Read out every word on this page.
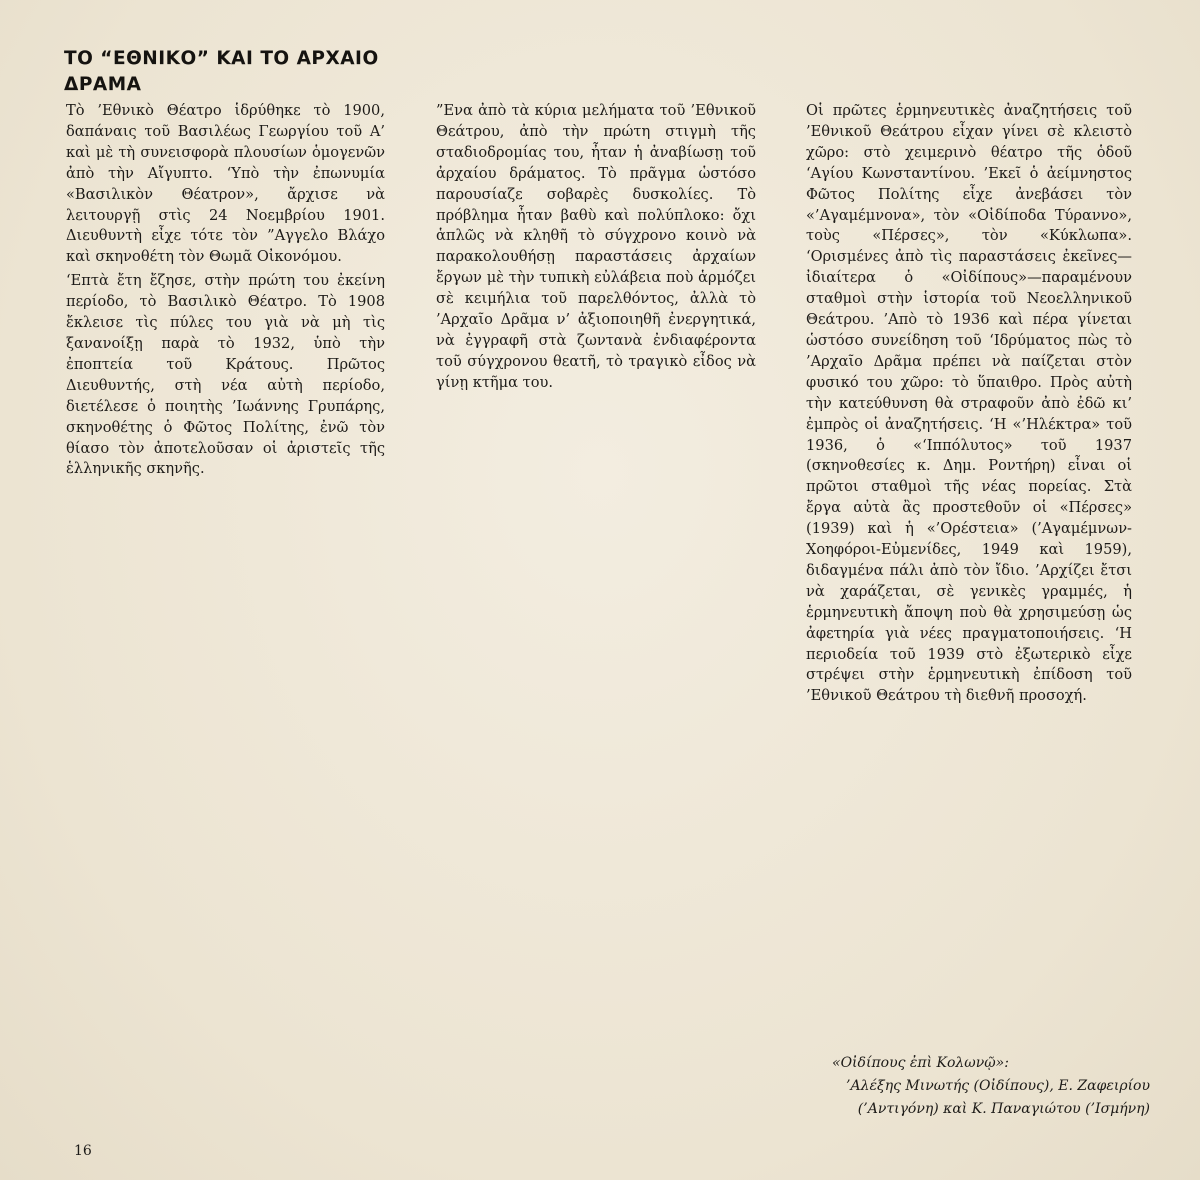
ΤΟ “ΕΘΝΙΚΟ” ΚΑΙ ΤΟ ΑΡΧΑΙΟ
ΔΡΑΜΑ

Τὸ ’Εθνικὸ Θέατρο ἱδρύθηκε τὸ 1900, δαπάναις τοῦ Βασιλέως Γεωργίου τοῦ Α’ καὶ μὲ τὴ συνεισφορὰ πλουσίων ὁμογενῶν ἀπὸ τὴν Αἴγυπτο. ‘Υπὸ τὴν ἐπωνυμία «Βασιλικὸν Θέατρον», ἄρχισε νὰ λειτουργῇ στὶς 24 Νοεμβρίου 1901. Διευθυντὴ εἶχε τότε τὸν ”Αγγελο Βλάχο καὶ σκηνοθέτη τὸν Θωμᾶ Οἰκονόμου.

‘Επτὰ ἔτη ἔζησε, στὴν πρώτη του ἐκείνη περίοδο, τὸ Βασιλικὸ Θέατρο. Τὸ 1908 ἔκλεισε τὶς πύλες του γιὰ νὰ μὴ τὶς ξανανοίξῃ παρὰ τὸ 1932, ὑπὸ τὴν ἐποπτεία τοῦ Κράτους. Πρῶτος Διευθυντής, στὴ νέα αὐτὴ περίοδο, διετέλεσε ὁ ποιητὴς ’Ιωάννης Γρυπάρης, σκηνοθέτης ὁ Φῶτος Πολίτης, ἐνῶ τὸν θίασο τὸν ἀποτελοῦσαν οἱ ἀριστεῖς τῆς ἑλληνικῆς σκηνῆς.

”Ενα ἀπὸ τὰ κύρια μελήματα τοῦ ’Εθνικοῦ Θεάτρου, ἀπὸ τὴν πρώτη στιγμὴ τῆς σταδιοδρομίας του, ἦταν ἡ ἀναβίωσῃ τοῦ ἀρχαίου δράματος. Τὸ πρᾶγμα ὡστόσο παρουσίαζε σοβαρὲς δυσκολίες. Τὸ πρόβλημα ἦταν βαθὺ καὶ πολύπλοκο: ὄχι ἁπλῶς νὰ κληθῆ τὸ σύγχρονο κοινὸ νὰ παρακολουθήσῃ παραστάσεις ἀρχαίων ἔργων μὲ τὴν τυπικὴ εὐλάβεια ποὺ ἁρμόζει σὲ κειμήλια τοῦ παρελθόντος, ἀλλὰ τὸ ’Αρχαῖο Δρᾶμα ν’ ἀξιοποιηθῆ ἐνεργητικά, νὰ ἐγγραφῆ στὰ ζωντανὰ ἐνδιαφέροντα τοῦ σύγχρονου θεατῆ, τὸ τραγικὸ εἶδος νὰ γίνῃ κτῆμα του.

Οἱ πρῶτες ἑρμηνευτικὲς ἀναζητήσεις τοῦ ’Εθνικοῦ Θεάτρου εἶχαν γίνει σὲ κλειστὸ χῶρο: στὸ χειμερινὸ θέατρο τῆς ὁδοῦ ‘Αγίου Κωνσταντίνου. ’Εκεῖ ὁ ἀείμνηστος Φῶτος Πολίτης εἶχε ἀνεβάσει τὸν «’Αγαμέμνονα», τὸν «Οἰδίποδα Τύραννο», τοὺς «Πέρσες», τὸν «Κύκλωπα». ‘Ορισμένες ἀπὸ τὶς παραστάσεις ἐκεῖνες—ἰδιαίτερα ὁ «Οἰδίπους»—παραμένουν σταθμοὶ στὴν ἱστορία τοῦ Νεοελληνικοῦ Θεάτρου. ’Απὸ τὸ 1936 καὶ πέρα γίνεται ὡστόσο συνείδηση τοῦ ‘Ιδρύματος πὼς τὸ ’Αρχαῖο Δρᾶμα πρέπει νὰ παίζεται στὸν φυσικό του χῶρο: τὸ ὕπαιθρο. Πρὸς αὐτὴ τὴν κατεύθυνση θὰ στραφοῦν ἀπὸ ἐδῶ κι’ ἐμπρὸς οἱ ἀναζητήσεις. ‘Η «’Ηλέκτρα» τοῦ 1936, ὁ «‘Ιππόλυτος» τοῦ 1937 (σκηνοθεσίες κ. Δημ. Ροντήρη) εἶναι οἱ πρῶτοι σταθμοὶ τῆς νέας πορείας. Στὰ ἔργα αὐτὰ ἂς προστεθοῦν οἱ «Πέρσες» (1939) καὶ ἡ «’Ορέστεια» (’Αγαμέμνων-Χοηφόροι-Εὐμενίδες, 1949 καὶ 1959), διδαγμένα πάλι ἀπὸ τὸν ἴδιο. ’Αρχίζει ἔτσι νὰ χαράζεται, σὲ γενικὲς γραμμές, ἡ ἑρμηνευτικὴ ἄποψη ποὺ θὰ χρησιμεύσῃ ὡς ἀφετηρία γιὰ νέες πραγματοποιήσεις. ‘Η περιοδεία τοῦ 1939 στὸ ἐξωτερικὸ εἶχε στρέψει στὴν ἑρμηνευτικὴ ἐπίδοση τοῦ ’Εθνικοῦ Θεάτρου τὴ διεθνῆ προσοχή.

«Οἰδίπους ἐπὶ Κολωνῷ»:
’Αλέξης Μινωτής (Οἰδίπους), Ε. Ζαφειρίου
(’Αντιγόνη) καὶ Κ. Παναγιώτου (’Ισμήνη)
16
